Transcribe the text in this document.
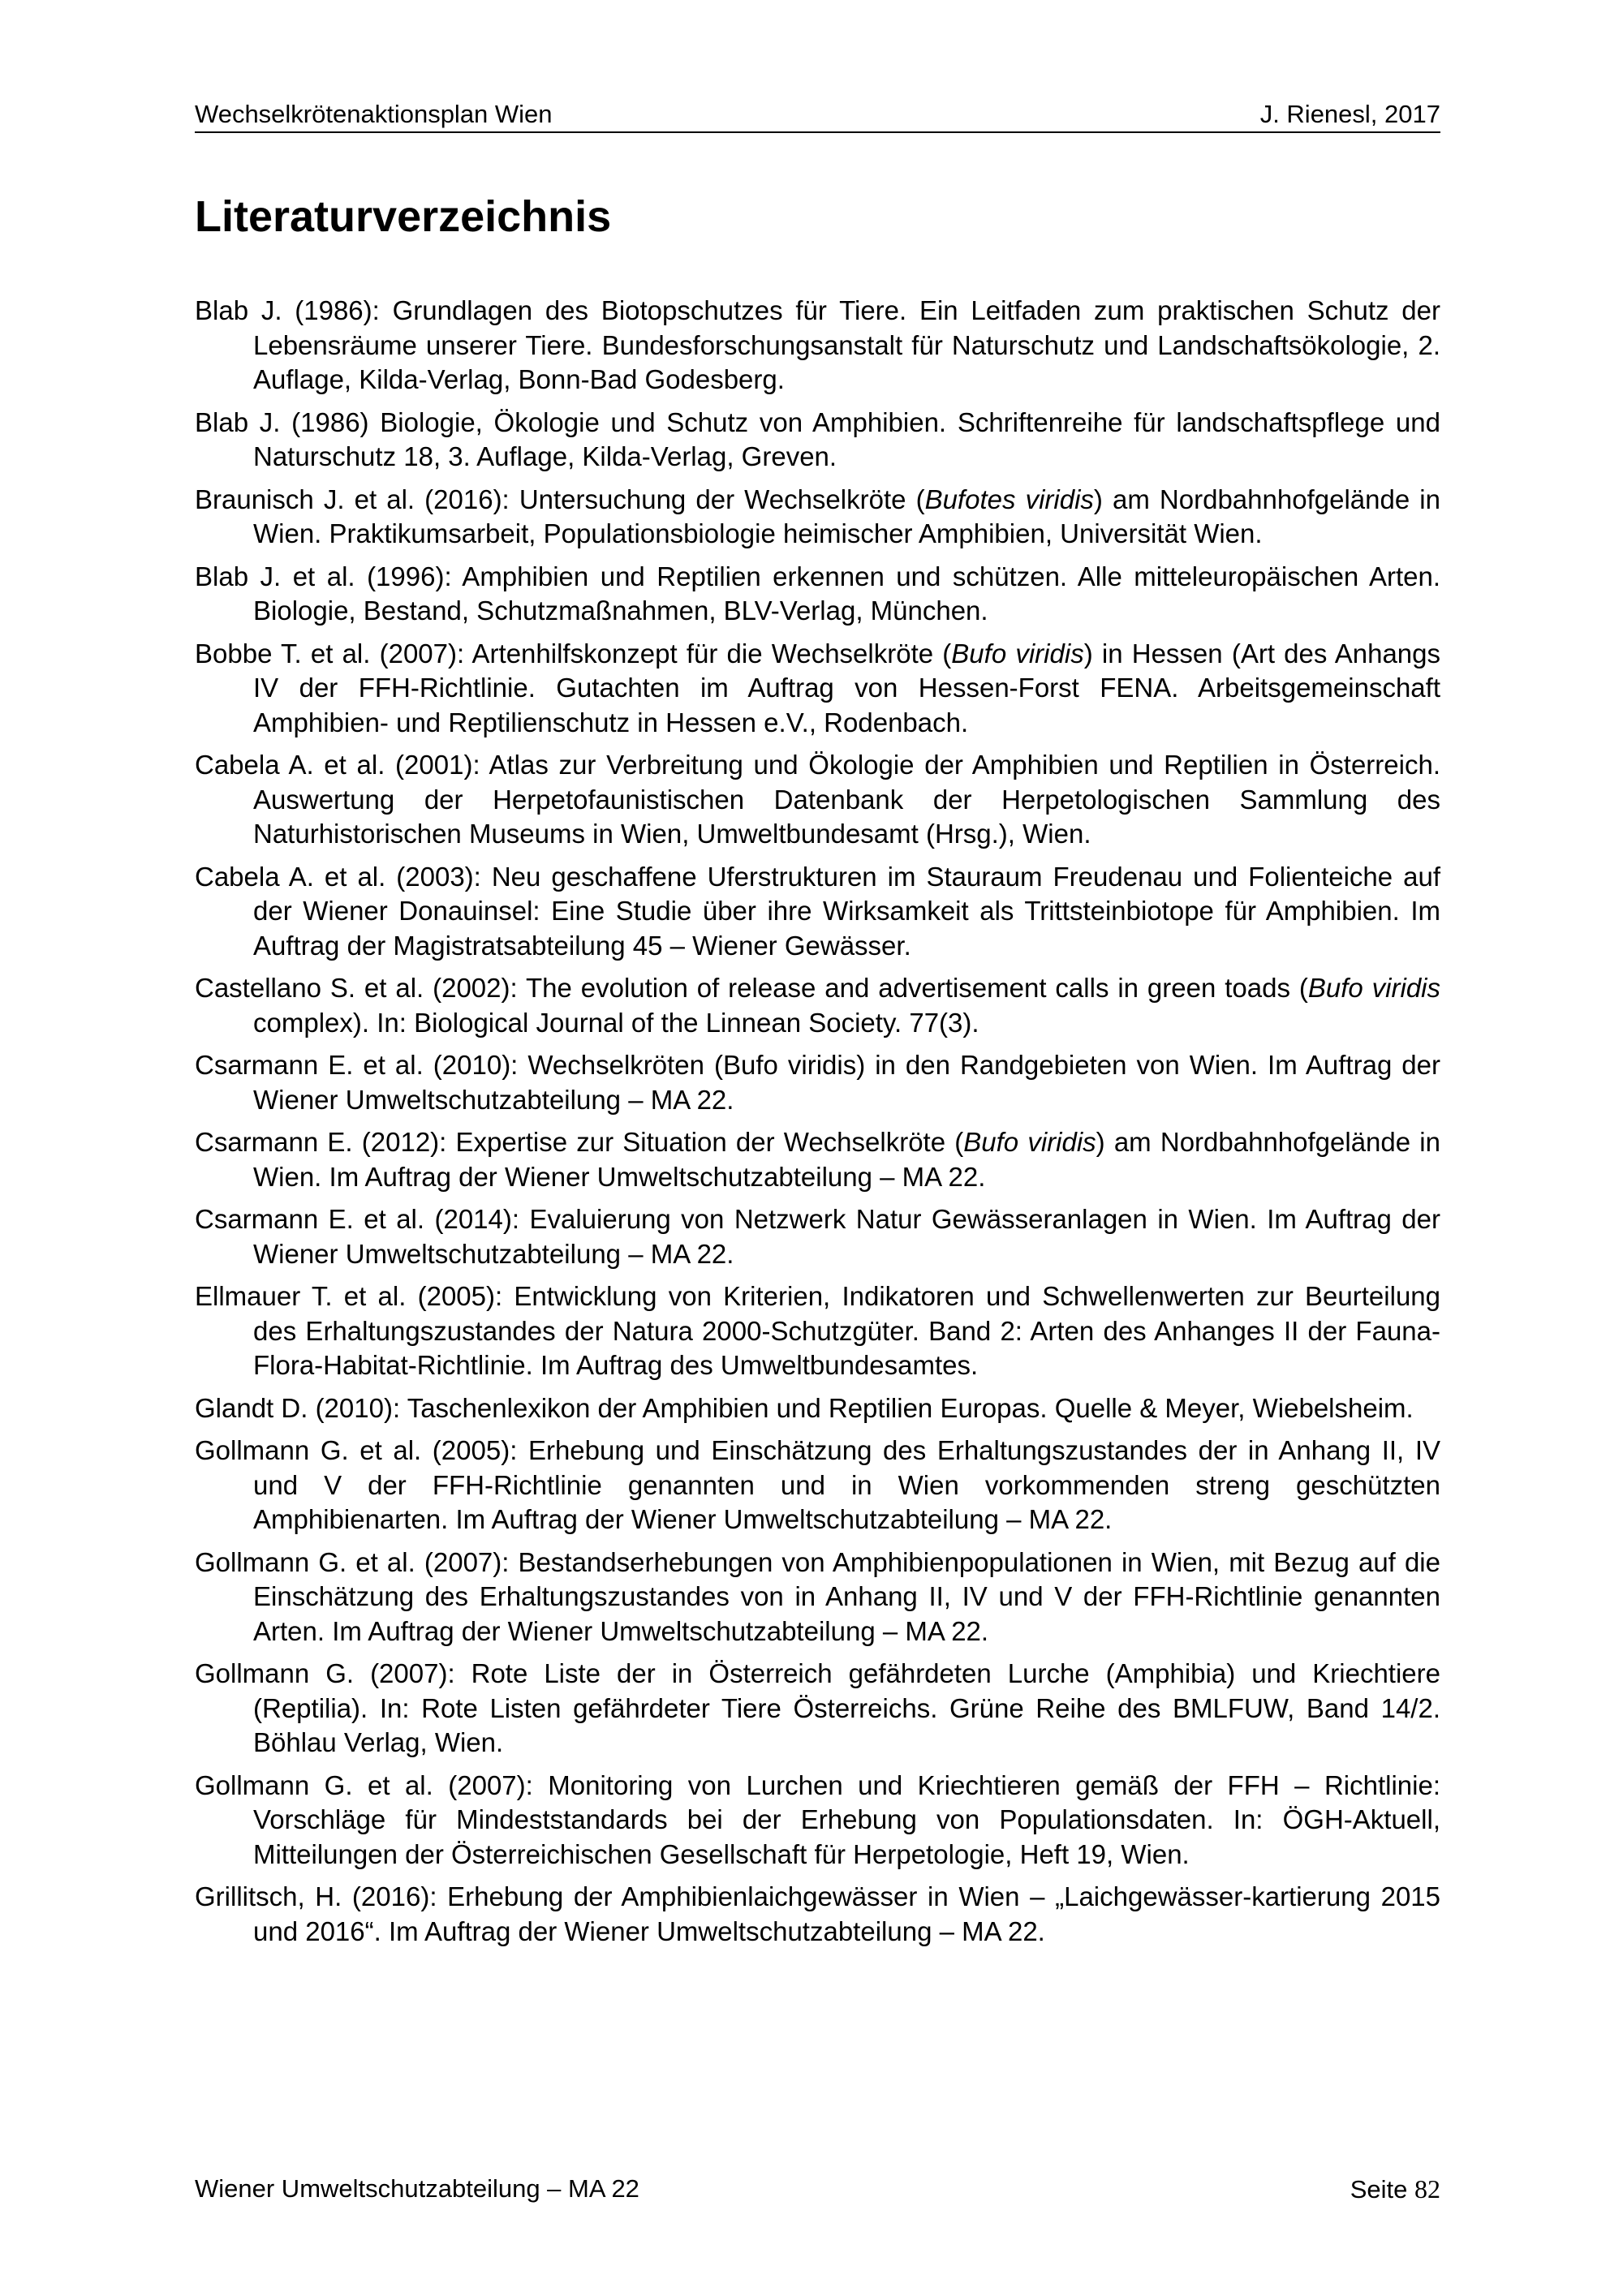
Wechselkrötenaktionsplan Wien	J. Rienesl, 2017
Literaturverzeichnis

Blab J. (1986): Grundlagen des Biotopschutzes für Tiere. Ein Leitfaden zum praktischen Schutz der Lebensräume unserer Tiere. Bundesforschungsanstalt für Naturschutz und Landschaftsökologie, 2. Auflage, Kilda-Verlag, Bonn-Bad Godesberg.

Blab J. (1986) Biologie, Ökologie und Schutz von Amphibien. Schriftenreihe für landschaftspflege und Naturschutz 18, 3. Auflage, Kilda-Verlag, Greven.

Braunisch J. et al. (2016): Untersuchung der Wechselkröte (Bufotes viridis) am Nordbahnhofgelände in Wien. Praktikumsarbeit, Populationsbiologie heimischer Amphibien, Universität Wien.

Blab J. et al. (1996): Amphibien und Reptilien erkennen und schützen. Alle mitteleuropäischen Arten. Biologie, Bestand, Schutzmaßnahmen, BLV-Verlag, München.

Bobbe T. et al. (2007): Artenhilfskonzept für die Wechselkröte (Bufo viridis) in Hessen (Art des Anhangs IV der FFH-Richtlinie. Gutachten im Auftrag von Hessen-Forst FENA. Arbeitsgemeinschaft Amphibien- und Reptilienschutz in Hessen e.V., Rodenbach.

Cabela A. et al. (2001): Atlas zur Verbreitung und Ökologie der Amphibien und Reptilien in Österreich. Auswertung der Herpetofaunistischen Datenbank der Herpetologischen Sammlung des Naturhistorischen Museums in Wien, Umweltbundesamt (Hrsg.), Wien.

Cabela A. et al. (2003): Neu geschaffene Uferstrukturen im Stauraum Freudenau und Folienteiche auf der Wiener Donauinsel: Eine Studie über ihre Wirksamkeit als Trittsteinbiotope für Amphibien. Im Auftrag der Magistratsabteilung 45 – Wiener Gewässer.

Castellano S. et al. (2002): The evolution of release and advertisement calls in green toads (Bufo viridis complex). In: Biological Journal of the Linnean Society. 77(3).

Csarmann E. et al. (2010): Wechselkröten (Bufo viridis) in den Randgebieten von Wien. Im Auftrag der Wiener Umweltschutzabteilung – MA 22.

Csarmann E. (2012): Expertise zur Situation der Wechselkröte (Bufo viridis) am Nordbahnhofgelände in Wien. Im Auftrag der Wiener Umweltschutzabteilung – MA 22.

Csarmann E. et al. (2014): Evaluierung von Netzwerk Natur Gewässeranlagen in Wien. Im Auftrag der Wiener Umweltschutzabteilung – MA 22.

Ellmauer T. et al. (2005): Entwicklung von Kriterien, Indikatoren und Schwellenwerten zur Beurteilung des Erhaltungszustandes der Natura 2000-Schutzgüter. Band 2: Arten des Anhanges II der Fauna-Flora-Habitat-Richtlinie. Im Auftrag des Umweltbundesamtes.

Glandt D. (2010): Taschenlexikon der Amphibien und Reptilien Europas. Quelle & Meyer, Wiebelsheim.

Gollmann G. et al. (2005): Erhebung und Einschätzung des Erhaltungszustandes der in Anhang II, IV und V der FFH-Richtlinie genannten und in Wien vorkommenden streng geschützten Amphibienarten. Im Auftrag der Wiener Umweltschutzabteilung – MA 22.

Gollmann G. et al. (2007): Bestandserhebungen von Amphibienpopulationen in Wien, mit Bezug auf die Einschätzung des Erhaltungszustandes von in Anhang II, IV und V der FFH-Richtlinie genannten Arten. Im Auftrag der Wiener Umweltschutzabteilung – MA 22.

Gollmann G. (2007): Rote Liste der in Österreich gefährdeten Lurche (Amphibia) und Kriechtiere (Reptilia). In: Rote Listen gefährdeter Tiere Österreichs. Grüne Reihe des BMLFUW, Band 14/2. Böhlau Verlag, Wien.

Gollmann G. et al. (2007): Monitoring von Lurchen und Kriechtieren gemäß der FFH – Richtlinie: Vorschläge für Mindeststandards bei der Erhebung von Populationsdaten. In: ÖGH-Aktuell, Mitteilungen der Österreichischen Gesellschaft für Herpetologie, Heft 19, Wien.

Grillitsch, H. (2016): Erhebung der Amphibienlaichgewässer in Wien – „Laichgewässer-kartierung 2015 und 2016“. Im Auftrag der Wiener Umweltschutzabteilung – MA 22.

Wiener Umweltschutzabteilung – MA 22	Seite 82
